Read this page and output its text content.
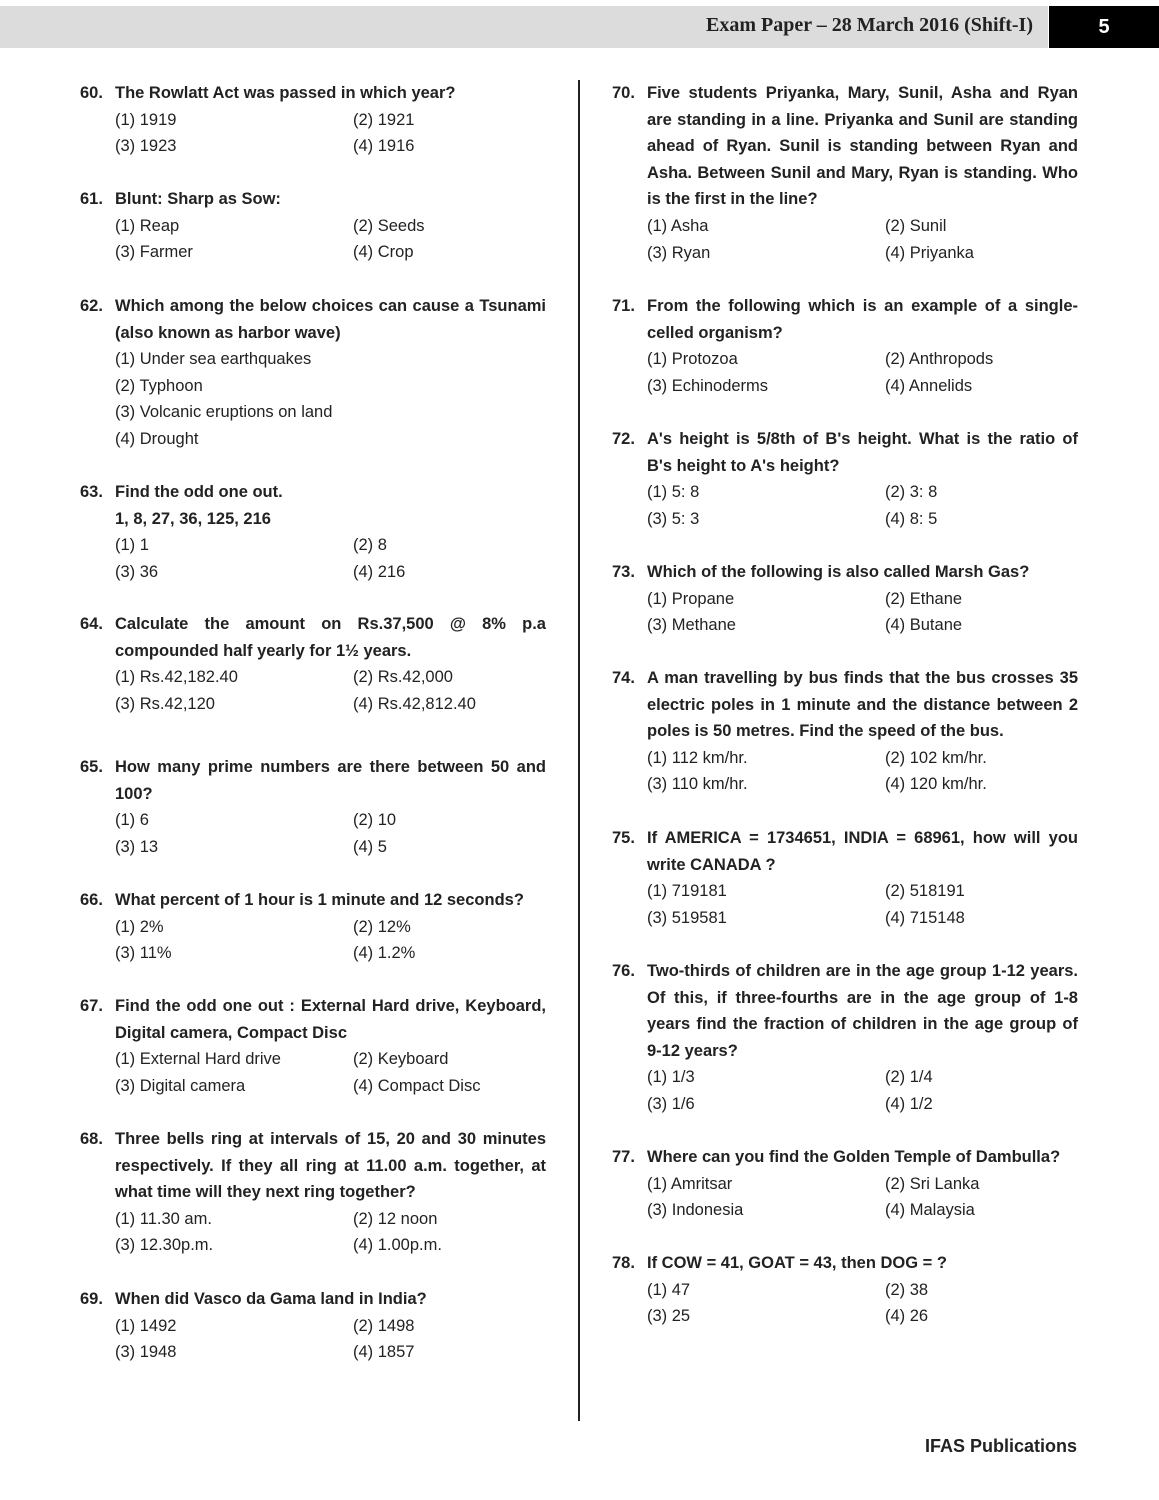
Exam Paper – 28 March 2016 (Shift-I)	5
60. The Rowlatt Act was passed in which year?
(1) 1919	(2) 1921
(3) 1923	(4) 1916
61. Blunt: Sharp as Sow:
(1) Reap	(2) Seeds
(3) Farmer	(4) Crop
62. Which among the below choices can cause a Tsunami (also known as harbor wave)
(1) Under sea earthquakes
(2) Typhoon
(3) Volcanic eruptions on land
(4) Drought
63. Find the odd one out.
1, 8, 27, 36, 125, 216
(1) 1	(2) 8
(3) 36	(4) 216
64. Calculate the amount on Rs.37,500 @ 8% p.a compounded half yearly for 1½ years.
(1) Rs.42,182.40	(2) Rs.42,000
(3) Rs.42,120	(4) Rs.42,812.40
65. How many prime numbers are there between 50 and 100?
(1) 6	(2) 10
(3) 13	(4) 5
66. What percent of 1 hour is 1 minute and 12 seconds?
(1) 2%	(2) 12%
(3) 11%	(4) 1.2%
67. Find the odd one out : External Hard drive, Keyboard, Digital camera, Compact Disc
(1) External Hard drive	(2) Keyboard
(3) Digital camera	(4) Compact Disc
68. Three bells ring at intervals of 15, 20 and 30 minutes respectively. If they all ring at 11.00 a.m. together, at what time will they next ring together?
(1) 11.30 am.	(2) 12 noon
(3) 12.30p.m.	(4) 1.00p.m.
69. When did Vasco da Gama land in India?
(1) 1492	(2) 1498
(3) 1948	(4) 1857
70. Five students Priyanka, Mary, Sunil, Asha and Ryan are standing in a line. Priyanka and Sunil are standing ahead of Ryan. Sunil is standing between Ryan and Asha. Between Sunil and Mary, Ryan is standing. Who is the first in the line?
(1) Asha	(2) Sunil
(3) Ryan	(4) Priyanka
71. From the following which is an example of a single-celled organism?
(1) Protozoa	(2) Anthropods
(3) Echinoderms	(4) Annelids
72. A's height is 5/8th of B's height. What is the ratio of B's height to A's height?
(1) 5: 8	(2) 3: 8
(3) 5: 3	(4) 8: 5
73. Which of the following is also called Marsh Gas?
(1) Propane	(2) Ethane
(3) Methane	(4) Butane
74. A man travelling by bus finds that the bus crosses 35 electric poles in 1 minute and the distance between 2 poles is 50 metres. Find the speed of the bus.
(1) 112 km/hr.	(2) 102 km/hr.
(3) 110 km/hr.	(4) 120 km/hr.
75. If AMERICA = 1734651, INDIA = 68961, how will you write CANADA ?
(1) 719181	(2) 518191
(3) 519581	(4) 715148
76. Two-thirds of children are in the age group 1-12 years. Of this, if three-fourths are in the age group of 1-8 years find the fraction of children in the age group of 9-12 years?
(1) 1/3	(2) 1/4
(3) 1/6	(4) 1/2
77. Where can you find the Golden Temple of Dambulla?
(1) Amritsar	(2) Sri Lanka
(3) Indonesia	(4) Malaysia
78. If COW = 41, GOAT = 43, then DOG = ?
(1) 47	(2) 38
(3) 25	(4) 26
IFAS Publications
